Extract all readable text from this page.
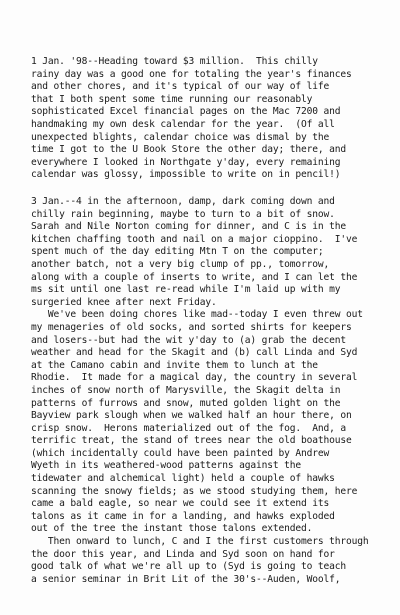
1 Jan. '98--Heading toward $3 million.  This chilly
rainy day was a good one for totaling the year's finances
and other chores, and it's typical of our way of life
that I both spent some time running our reasonably
sophisticated Excel financial pages on the Mac 7200 and
handmaking my own desk calendar for the year.  (Of all
unexpected blights, calendar choice was dismal by the
time I got to the U Book Store the other day; there, and
everywhere I looked in Northgate y'day, every remaining
calendar was glossy, impossible to write on in pencil!)
3 Jan.--4 in the afternoon, damp, dark coming down and
chilly rain beginning, maybe to turn to a bit of snow.
Sarah and Nile Norton coming for dinner, and C is in the
kitchen chaffing tooth and nail on a major cioppino.  I've
spent much of the day editing Mtn T on the computer;
another batch, not a very big clump of pp., tomorrow,
along with a couple of inserts to write, and I can let the
ms sit until one last re-read while I'm laid up with my
surgeried knee after next Friday.
We've been doing chores like mad--today I even threw out
my menageries of old socks, and sorted shirts for keepers
and losers--but had the wit y'day to (a) grab the decent
weather and head for the Skagit and (b) call Linda and Syd
at the Camano cabin and invite them to lunch at the
Rhodie.  It made for a magical day, the country in several
inches of snow north of Marysville, the Skagit delta in
patterns of furrows and snow, muted golden light on the
Bayview park slough when we walked half an hour there, on
crisp snow.  Herons materialized out of the fog.  And, a
terrific treat, the stand of trees near the old boathouse
(which incidentally could have been painted by Andrew
Wyeth in its weathered-wood patterns against the
tidewater and alchemical light) held a couple of hawks
scanning the snowy fields; as we stood studying them, here
came a bald eagle, so near we could see it extend its
talons as it came in for a landing, and hawks exploded
out of the tree the instant those talons extended.
Then onward to lunch, C and I the first customers through
the door this year, and Linda and Syd soon on hand for
good talk of what we're all up to (Syd is going to teach
a senior seminar in Brit Lit of the 30's--Auden, Woolf,
